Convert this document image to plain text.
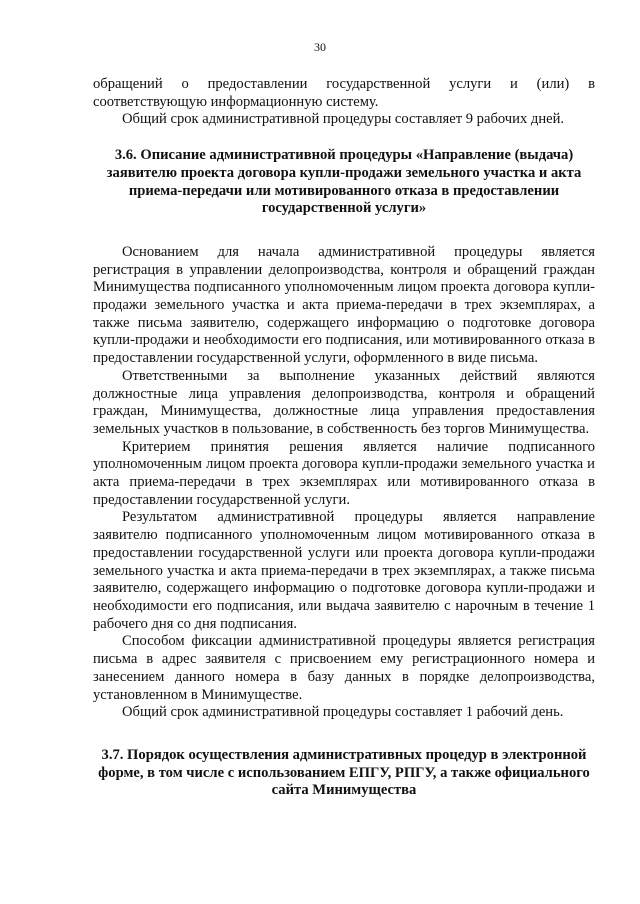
30

обращений о предоставлении государственной услуги и (или) в соответствующую информационную систему.

Общий срок административной процедуры составляет 9 рабочих дней.

3.6. Описание административной процедуры «Направление (выдача) заявителю проекта договора купли-продажи земельного участка и акта приема-передачи или мотивированного отказа в предоставлении государственной услуги»

Основанием для начала административной процедуры является регистрация в управлении делопроизводства, контроля и обращений граждан Минимущества подписанного уполномоченным лицом проекта договора купли-продажи земельного участка и акта приема-передачи в трех экземплярах, а также письма заявителю, содержащего информацию о подготовке договора купли-продажи и необходимости его подписания, или мотивированного отказа в предоставлении государственной услуги, оформленного в виде письма.

Ответственными за выполнение указанных действий являются должностные лица управления делопроизводства, контроля и обращений граждан, Минимущества, должностные лица управления предоставления земельных участков в пользование, в собственность без торгов Минимущества.

Критерием принятия решения является наличие подписанного уполномоченным лицом проекта договора купли-продажи земельного участка и акта приема-передачи в трех экземплярах или мотивированного отказа в предоставлении государственной услуги.

Результатом административной процедуры является направление заявителю подписанного уполномоченным лицом мотивированного отказа в предоставлении государственной услуги или проекта договора купли-продажи земельного участка и акта приема-передачи в трех экземплярах, а также письма заявителю, содержащего информацию о подготовке договора купли-продажи и необходимости его подписания, или выдача заявителю с нарочным в течение 1 рабочего дня со дня подписания.

Способом фиксации административной процедуры является регистрация письма в адрес заявителя с присвоением ему регистрационного номера и занесением данного номера в базу данных в порядке делопроизводства, установленном в Минимуществе.

Общий срок административной процедуры составляет 1 рабочий день.

3.7. Порядок осуществления административных процедур в электронной форме, в том числе с использованием ЕПГУ, РПГУ, а также официального сайта Минимущества
